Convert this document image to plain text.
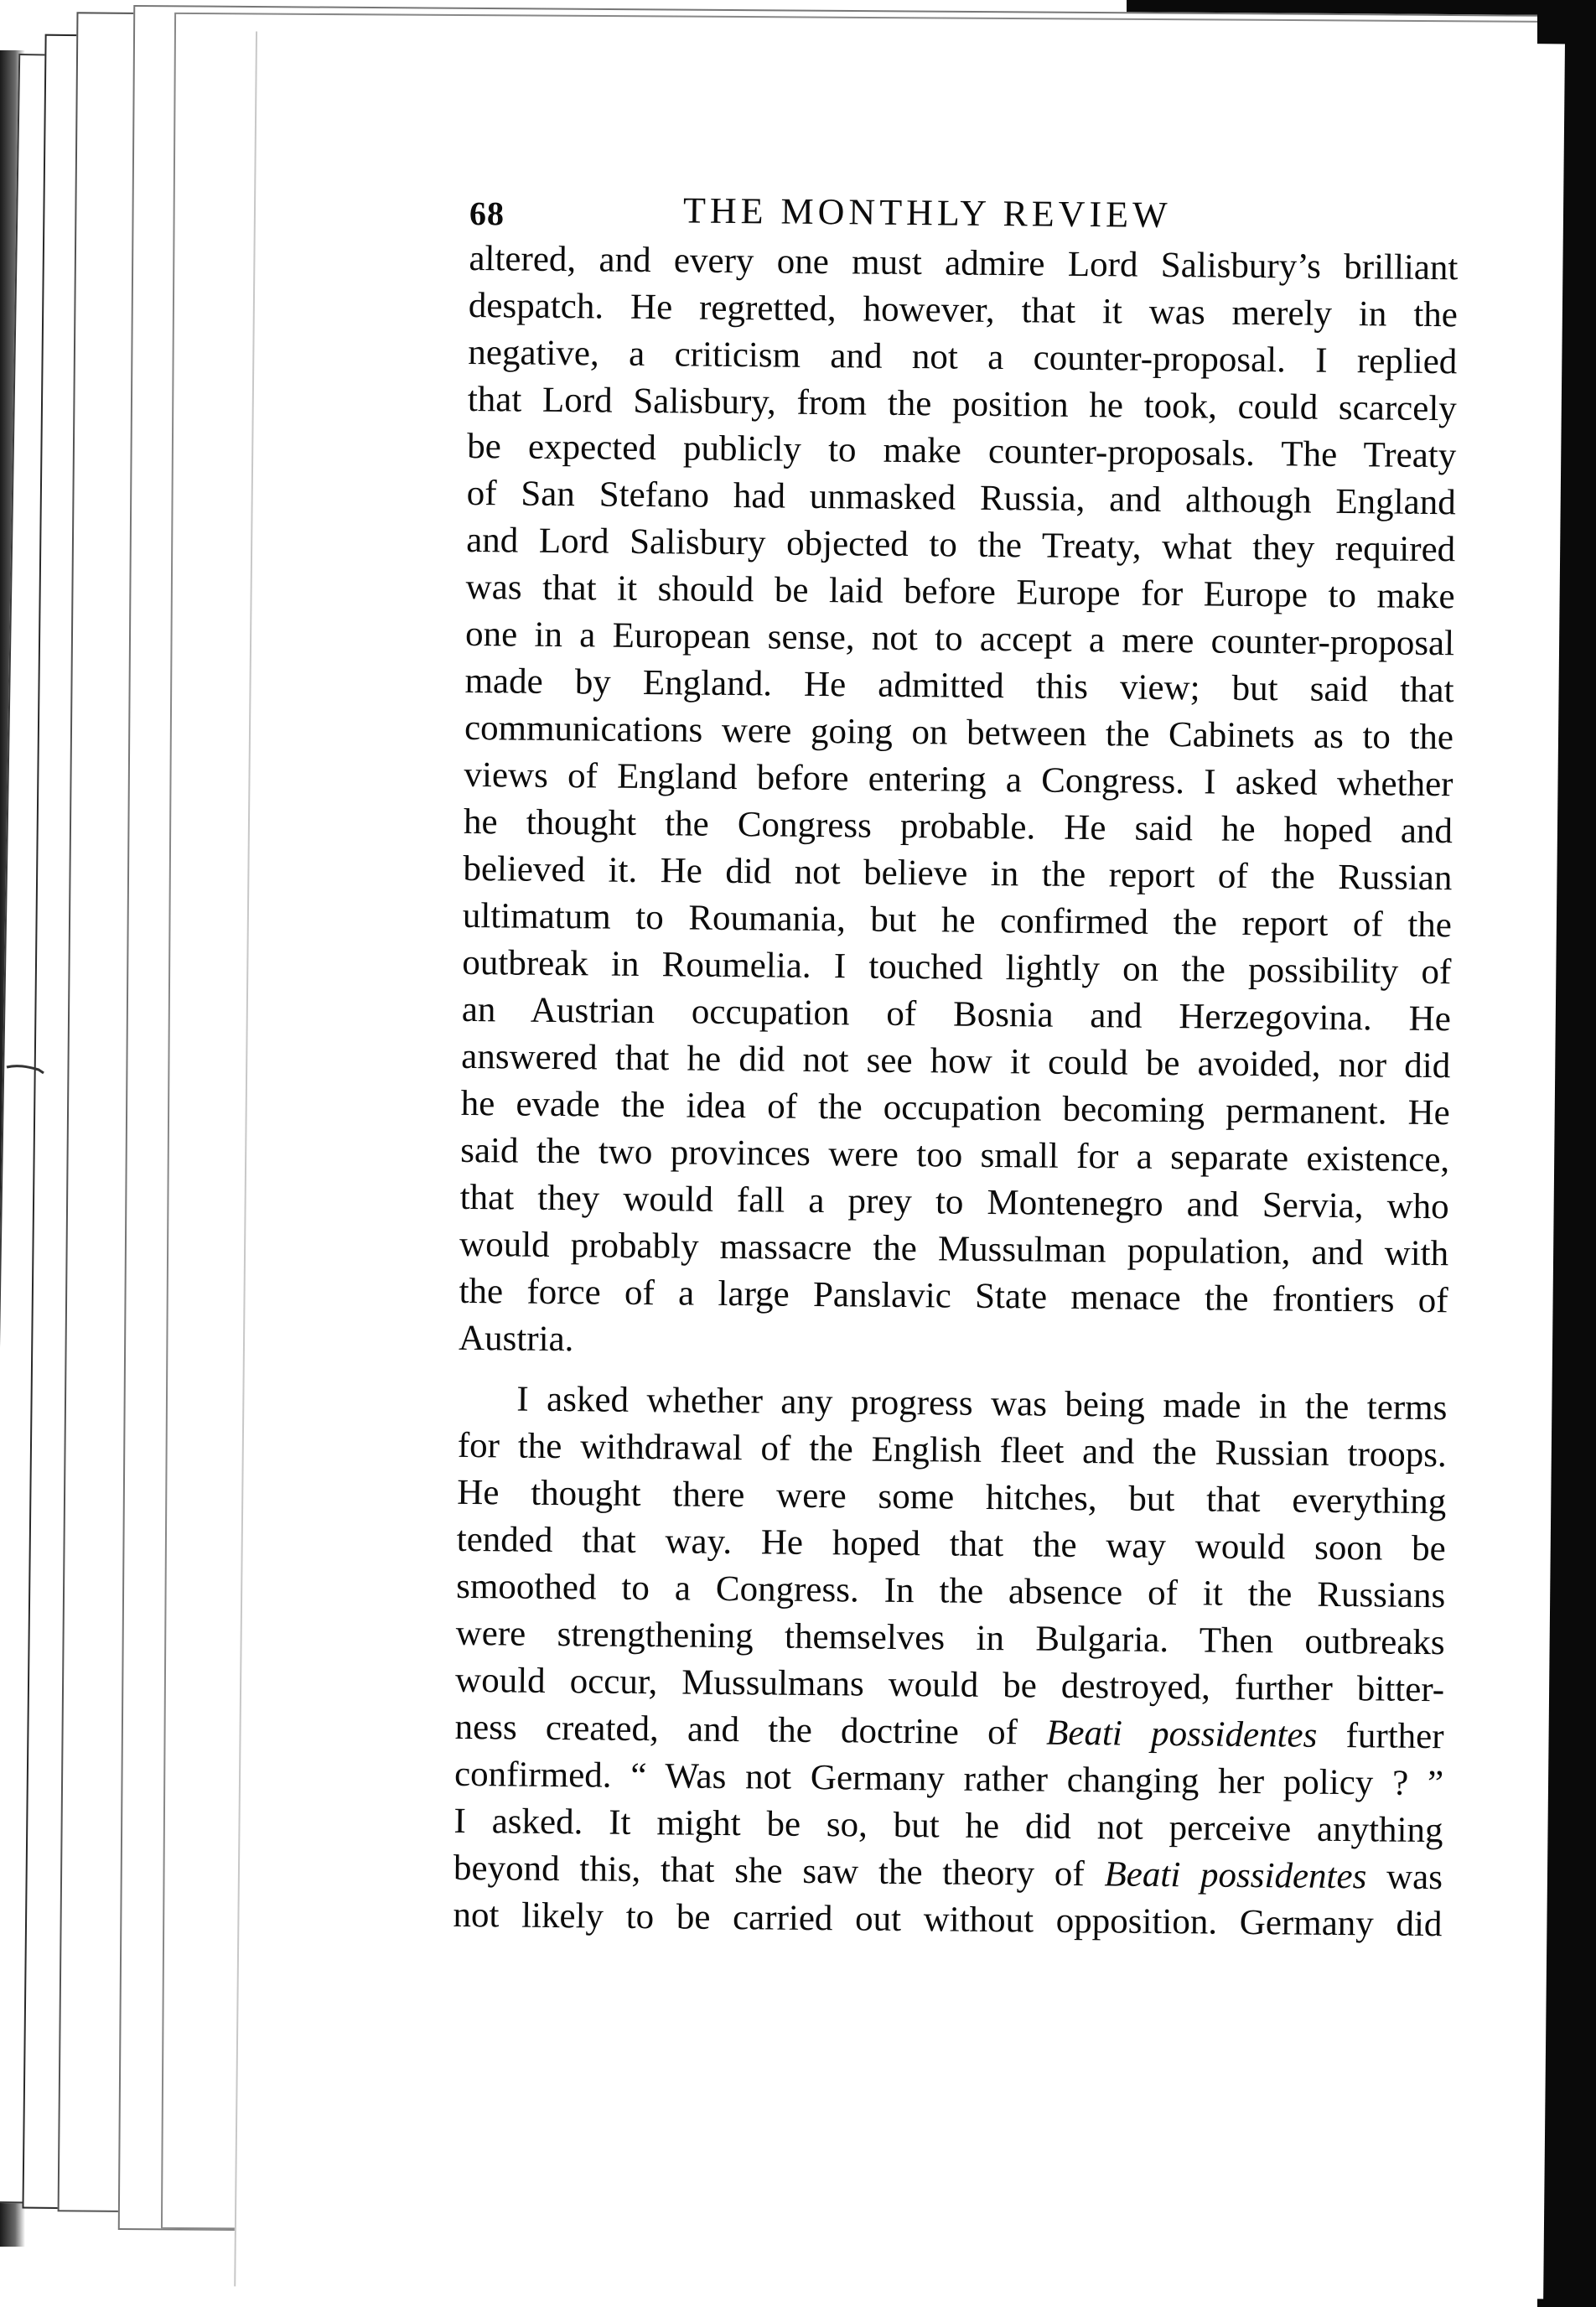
68	THE MONTHLY REVIEW
altered, and every one must admire Lord Salisbury’s brilliant
despatch. He regretted, however, that it was merely in the
negative, a criticism and not a counter-proposal. I replied
that Lord Salisbury, from the position he took, could scarcely
be expected publicly to make counter-proposals. The Treaty
of San Stefano had unmasked Russia, and although England
and Lord Salisbury objected to the Treaty, what they required
was that it should be laid before Europe for Europe to make
one in a European sense, not to accept a mere counter-proposal
made by England. He admitted this view; but said that
communications were going on between the Cabinets as to the
views of England before entering a Congress. I asked whether
he thought the Congress probable. He said he hoped and
believed it. He did not believe in the report of the Russian
ultimatum to Roumania, but he confirmed the report of the
outbreak in Roumelia. I touched lightly on the possibility of
an Austrian occupation of Bosnia and Herzegovina. He
answered that he did not see how it could be avoided, nor did
he evade the idea of the occupation becoming permanent. He
said the two provinces were too small for a separate existence,
that they would fall a prey to Montenegro and Servia, who
would probably massacre the Mussulman population, and with
the force of a large Panslavic State menace the frontiers of
Austria.
I asked whether any progress was being made in the terms
for the withdrawal of the English fleet and the Russian troops.
He thought there were some hitches, but that everything
tended that way. He hoped that the way would soon be
smoothed to a Congress. In the absence of it the Russians
were strengthening themselves in Bulgaria. Then outbreaks
would occur, Mussulmans would be destroyed, further bitter-
ness created, and the doctrine of Beati possidentes further
confirmed. “ Was not Germany rather changing her policy ? ”
I asked. It might be so, but he did not perceive anything
beyond this, that she saw the theory of Beati possidentes was
not likely to be carried out without opposition. Germany did
